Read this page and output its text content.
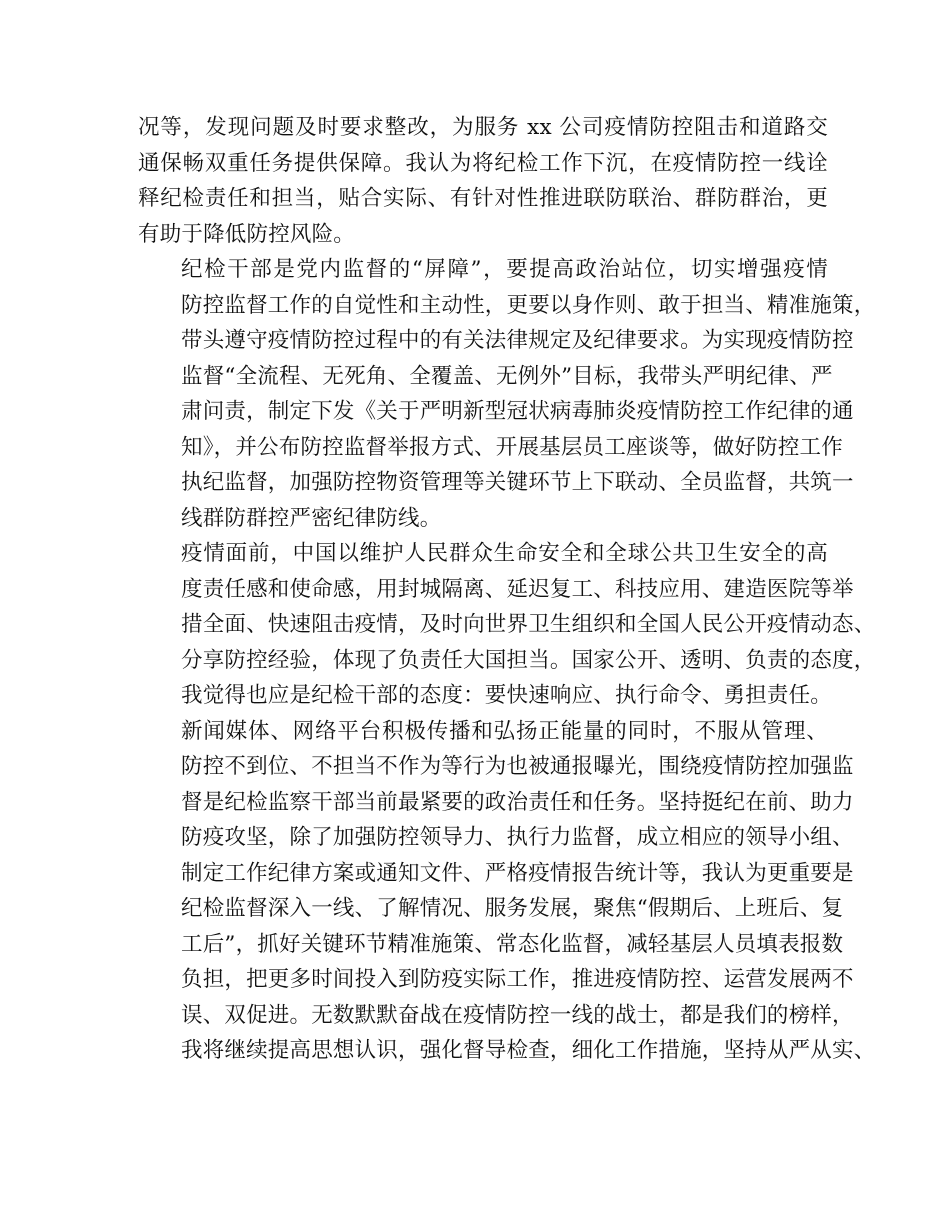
况等，发现问题及时要求整改，为服务 xx 公司疫情防控阻击和道路交
通保畅双重任务提供保障。我认为将纪检工作下沉，在疫情防控一线诠
释纪检责任和担当，贴合实际、有针对性推进联防联治、群防群治，更
有助于降低防控风险。
纪检干部是党内监督的“屏障”，要提高政治站位，切实增强疫情
防控监督工作的自觉性和主动性，更要以身作则、敢于担当、精准施策，
带头遵守疫情防控过程中的有关法律规定及纪律要求。为实现疫情防控
监督“全流程、无死角、全覆盖、无例外”目标，我带头严明纪律、严
肃问责，制定下发《关于严明新型冠状病毒肺炎疫情防控工作纪律的通
知》，并公布防控监督举报方式、开展基层员工座谈等，做好防控工作
执纪监督，加强防控物资管理等关键环节上下联动、全员监督，共筑一
线群防群控严密纪律防线。
疫情面前，中国以维护人民群众生命安全和全球公共卫生安全的高
度责任感和使命感，用封城隔离、延迟复工、科技应用、建造医院等举
措全面、快速阻击疫情，及时向世界卫生组织和全国人民公开疫情动态、
分享防控经验，体现了负责任大国担当。国家公开、透明、负责的态度，
我觉得也应是纪检干部的态度：要快速响应、执行命令、勇担责任。
新闻媒体、网络平台积极传播和弘扬正能量的同时，不服从管理、
防控不到位、不担当不作为等行为也被通报曝光，围绕疫情防控加强监
督是纪检监察干部当前最紧要的政治责任和任务。坚持挺纪在前、助力
防疫攻坚，除了加强防控领导力、执行力监督，成立相应的领导小组、
制定工作纪律方案或通知文件、严格疫情报告统计等，我认为更重要是
纪检监督深入一线、了解情况、服务发展，聚焦“假期后、上班后、复
工后”，抓好关键环节精准施策、常态化监督，减轻基层人员填表报数
负担，把更多时间投入到防疫实际工作，推进疫情防控、运营发展两不
误、双促进。无数默默奋战在疫情防控一线的战士，都是我们的榜样，
我将继续提高思想认识，强化督导检查，细化工作措施，坚持从严从实、
